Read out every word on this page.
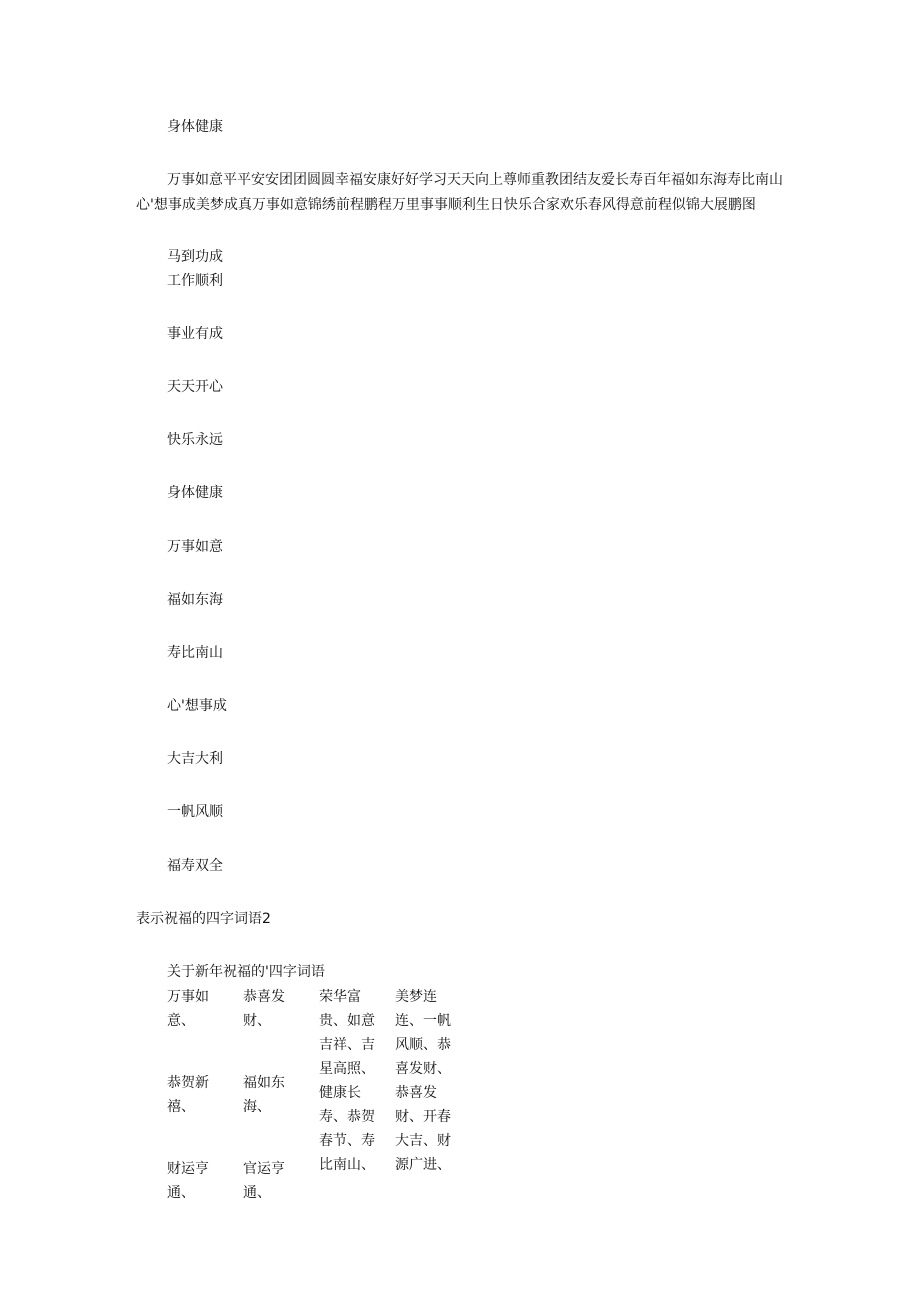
身体健康
万事如意平平安安团团圆圆幸福安康好好学习天天向上尊师重教团结友爱长寿百年福如东海寿比南山心'想事成美梦成真万事如意锦绣前程鹏程万里事事顺利生日快乐合家欢乐春风得意前程似锦大展鹏图
马到功成
工作顺利
事业有成
天天开心
快乐永远
身体健康
万事如意
福如东海
寿比南山
心'想事成
大吉大利
一帆风顺
福寿双全
表示祝福的四字词语2
关于新年祝福的'四字词语
万事如
意、
恭贺新
禧、
财运亨
通、
恭喜发
财、
福如东
海、
官运亨
通、
荣华富
贵、如意
吉祥、吉
星高照、
健康长
寿、恭贺
春节、寿
比南山、
美梦连
连、一帆
风顺、恭
喜发财、
恭喜发
财、开春
大吉、财
源广进、
